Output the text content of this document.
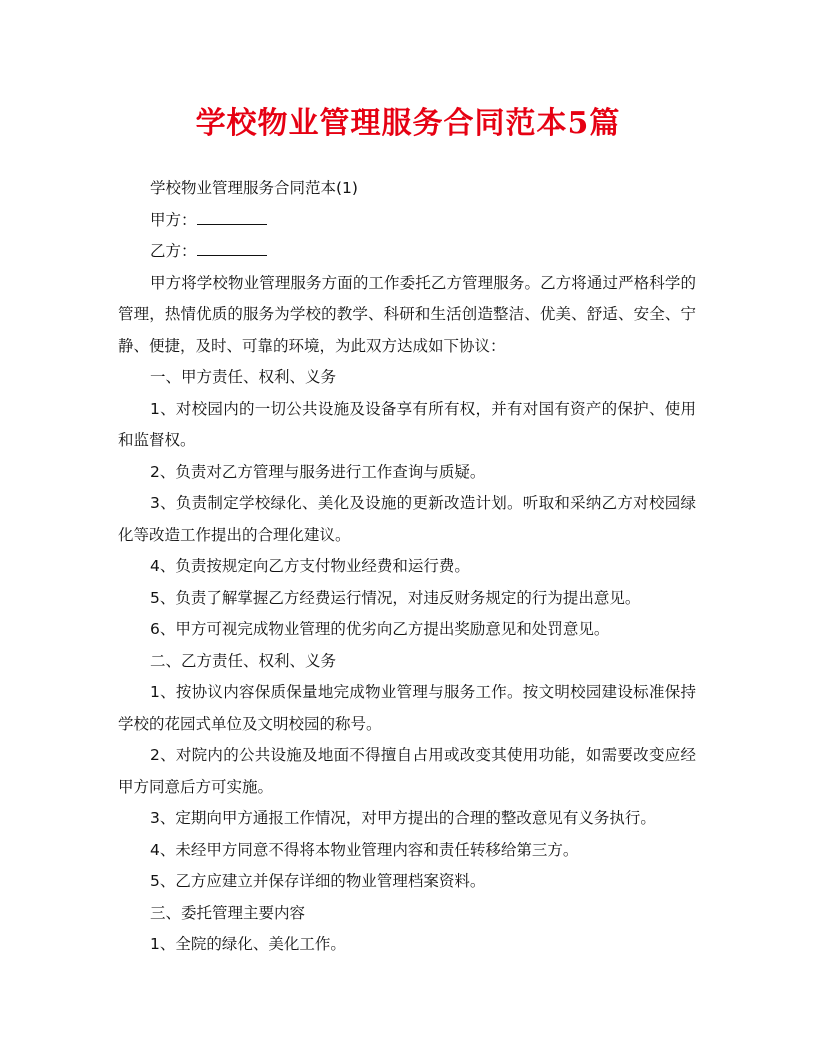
学校物业管理服务合同范本5篇

学校物业管理服务合同范本(1)

甲方：

乙方：

甲方将学校物业管理服务方面的工作委托乙方管理服务。乙方将通过严格科学的管理，热情优质的服务为学校的教学、科研和生活创造整洁、优美、舒适、安全、宁静、便捷，及时、可靠的环境，为此双方达成如下协议：

一、甲方责任、权利、义务

1、对校园内的一切公共设施及设备享有所有权，并有对国有资产的保护、使用和监督权。

2、负责对乙方管理与服务进行工作查询与质疑。

3、负责制定学校绿化、美化及设施的更新改造计划。听取和采纳乙方对校园绿化等改造工作提出的合理化建议。

4、负责按规定向乙方支付物业经费和运行费。

5、负责了解掌握乙方经费运行情况，对违反财务规定的行为提出意见。

6、甲方可视完成物业管理的优劣向乙方提出奖励意见和处罚意见。

二、乙方责任、权利、义务

1、按协议内容保质保量地完成物业管理与服务工作。按文明校园建设标准保持学校的花园式单位及文明校园的称号。

2、对院内的公共设施及地面不得擅自占用或改变其使用功能，如需要改变应经甲方同意后方可实施。

3、定期向甲方通报工作情况，对甲方提出的合理的整改意见有义务执行。

4、未经甲方同意不得将本物业管理内容和责任转移给第三方。

5、乙方应建立并保存详细的物业管理档案资料。

三、委托管理主要内容

1、全院的绿化、美化工作。
